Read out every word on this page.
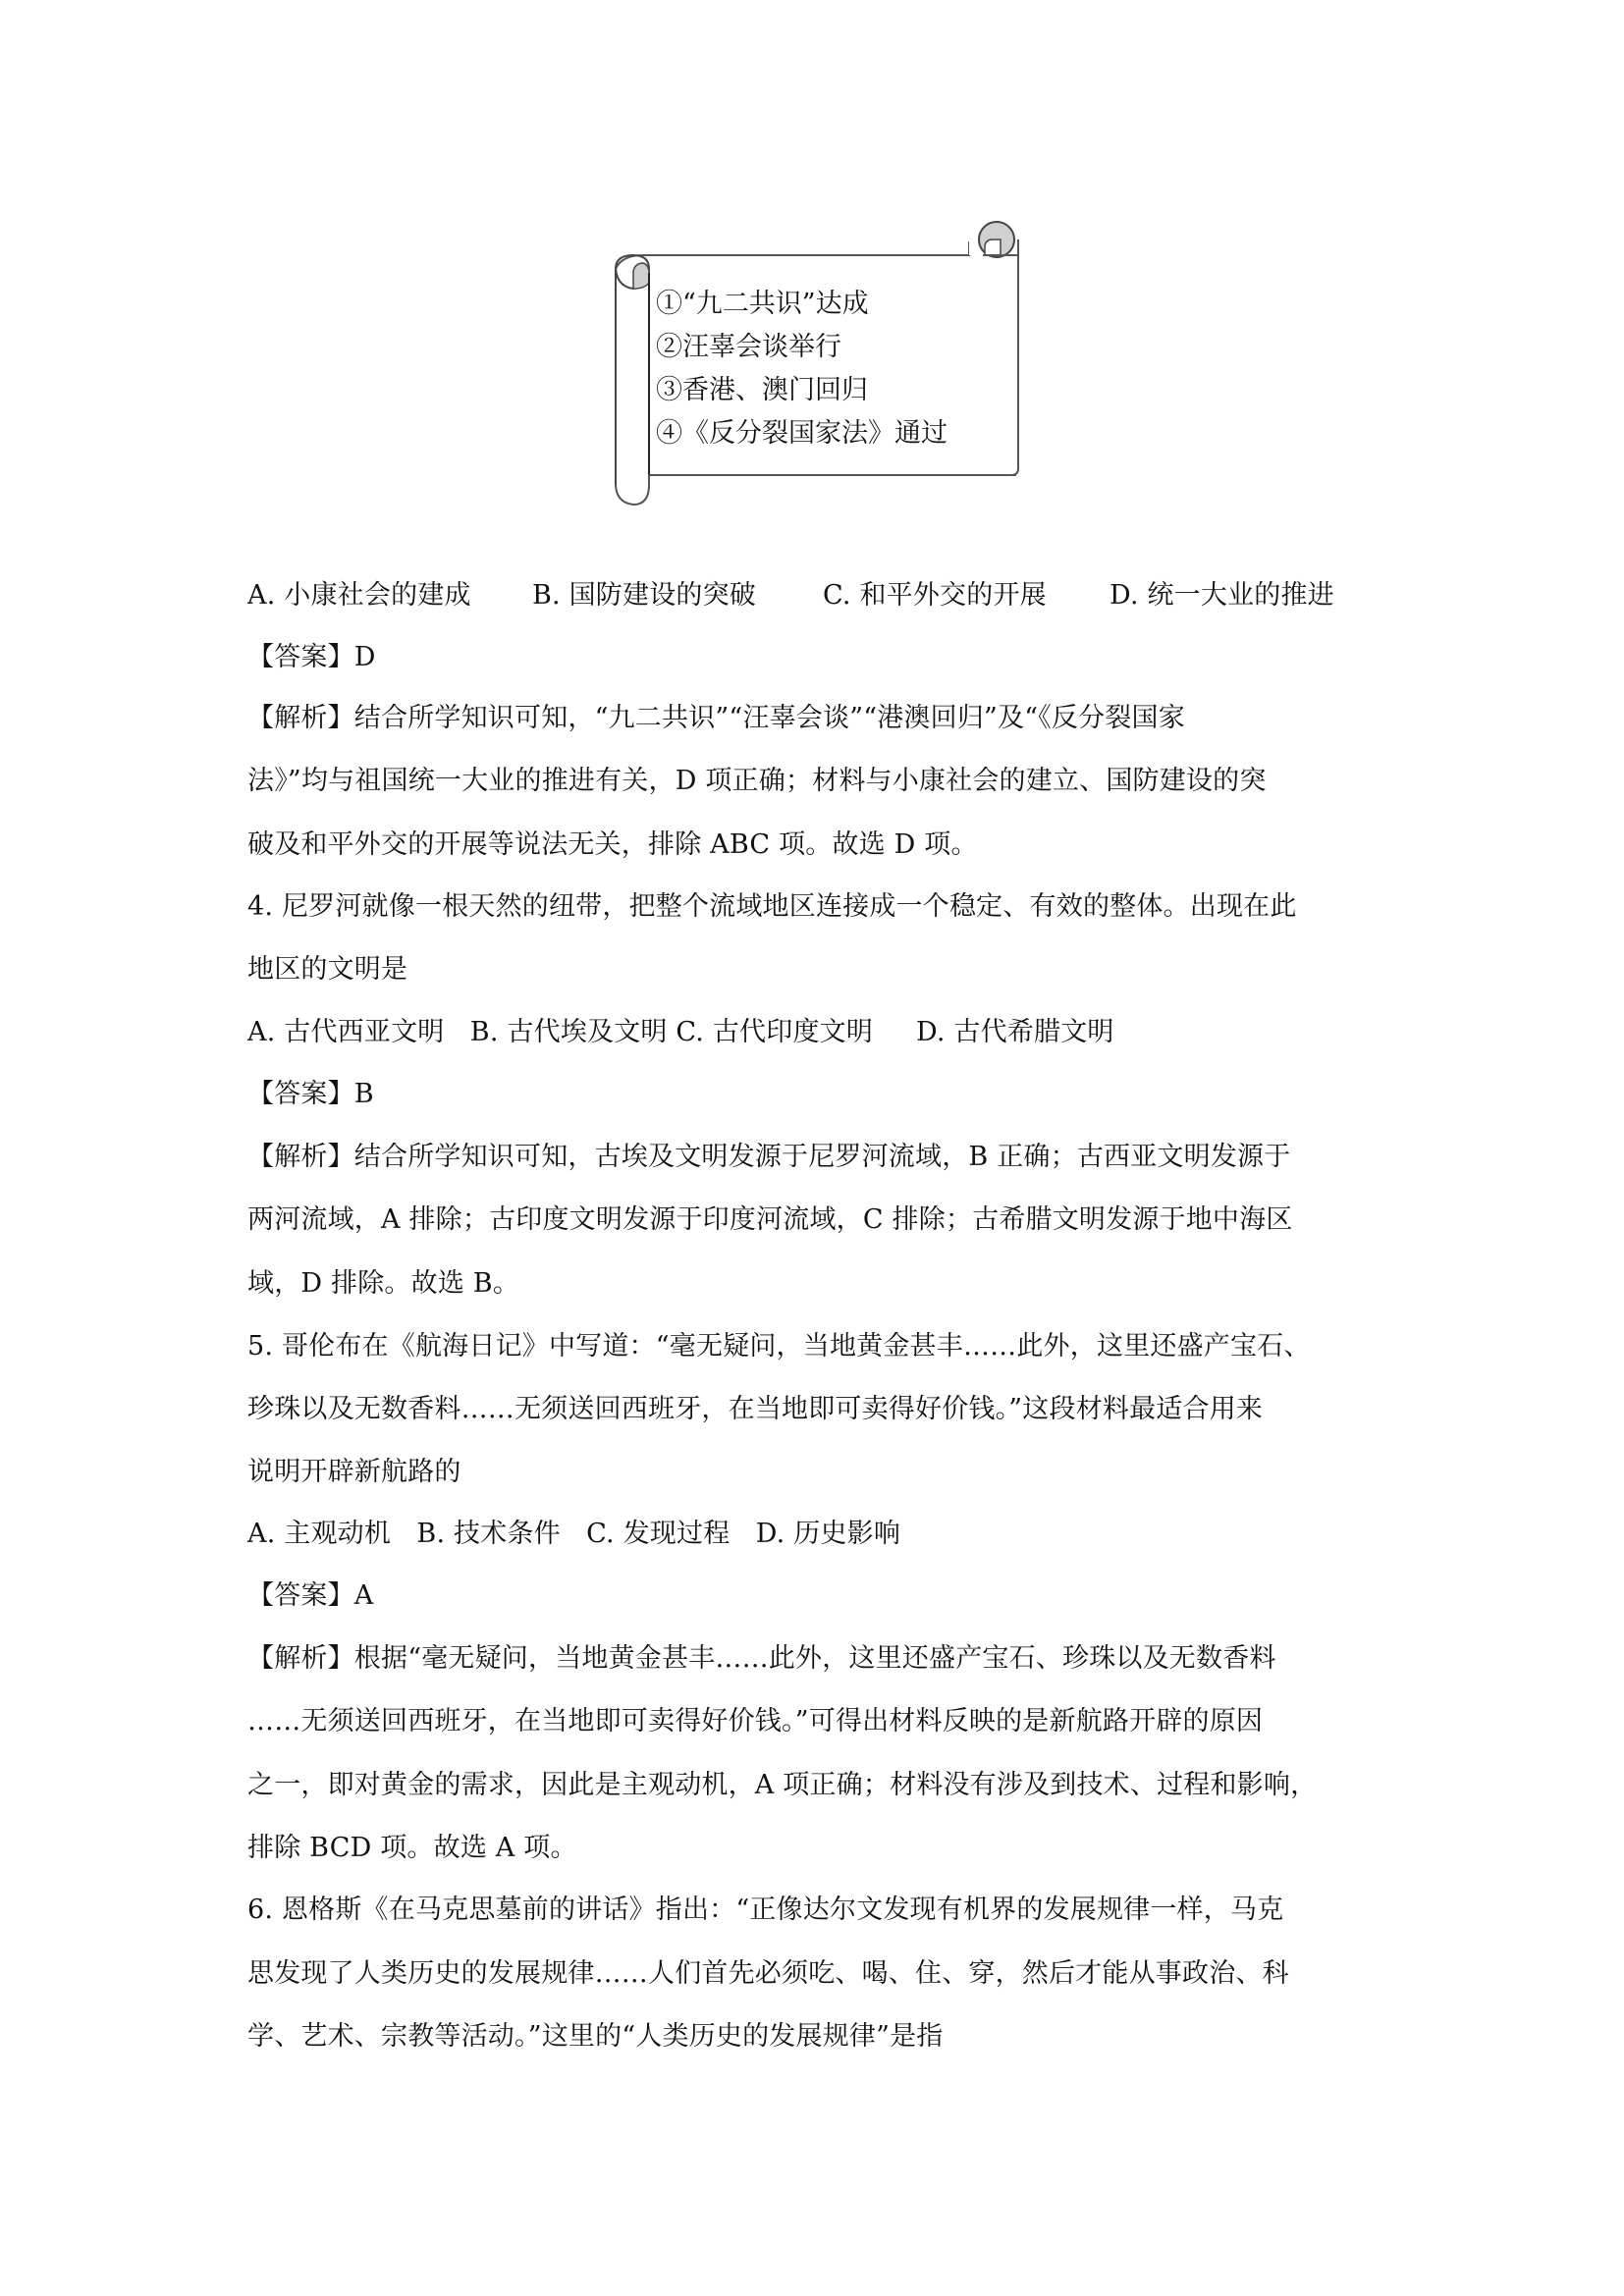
①“九二共识”达成
②汪辜会谈举行
③香港、澳门回归
④《反分裂国家法》通过
A. 小康社会的建成 B. 国防建设的突破	C. 和平外交的开展 D. 统一大业的推进
【答案】D
【解析】结合所学知识可知，“九二共识”“汪辜会谈”“港澳回归”及“《反分裂国家
法》”均与祖国统一大业的推进有关，D 项正确；材料与小康社会的建立、国防建设的突
破及和平外交的开展等说法无关，排除 ABC 项。故选 D 项。
4. 尼罗河就像一根天然的纽带，把整个流域地区连接成一个稳定、有效的整体。出现在此
地区的文明是
A. 古代西亚文明   B. 古代埃及文明 C. 古代印度文明     D. 古代希腊文明
【答案】B
【解析】结合所学知识可知，古埃及文明发源于尼罗河流域，B 正确；古西亚文明发源于
两河流域，A 排除；古印度文明发源于印度河流域，C 排除；古希腊文明发源于地中海区
域，D 排除。故选 B。
5. 哥伦布在《航海日记》中写道：“毫无疑问，当地黄金甚丰……此外，这里还盛产宝石、
珍珠以及无数香料……无须送回西班牙，在当地即可卖得好价钱。”这段材料最适合用来
说明开辟新航路的
A. 主观动机   B. 技术条件   C. 发现过程   D. 历史影响
【答案】A
【解析】根据“毫无疑问，当地黄金甚丰……此外，这里还盛产宝石、珍珠以及无数香料
……无须送回西班牙，在当地即可卖得好价钱。”可得出材料反映的是新航路开辟的原因
之一，即对黄金的需求，因此是主观动机，A 项正确；材料没有涉及到技术、过程和影响，
排除 BCD 项。故选 A 项。
6. 恩格斯《在马克思墓前的讲话》指出：“正像达尔文发现有机界的发展规律一样，马克
思发现了人类历史的发展规律……人们首先必须吃、喝、住、穿，然后才能从事政治、科
学、艺术、宗教等活动。”这里的“人类历史的发展规律”是指
